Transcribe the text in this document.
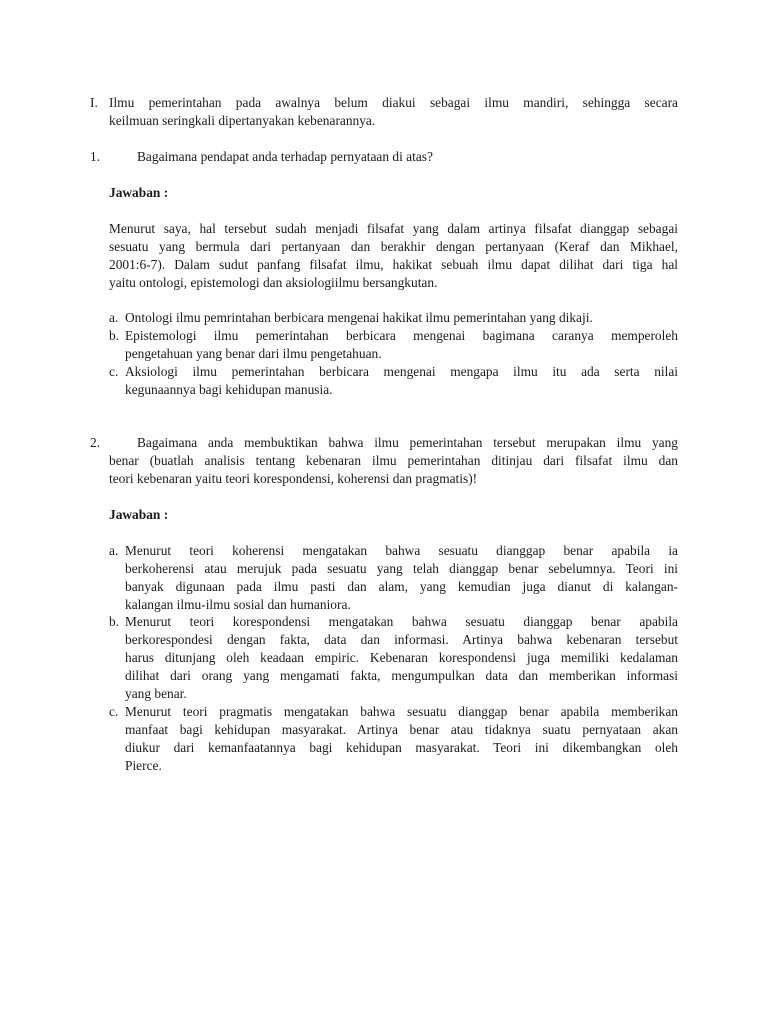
I. Ilmu pemerintahan pada awalnya belum diakui sebagai ilmu mandiri, sehingga secara
keilmuan seringkali dipertanyakan kebenarannya.
1.	Bagaimana pendapat anda terhadap pernyataan di atas?
Jawaban :
Menurut saya, hal tersebut sudah menjadi filsafat yang dalam artinya filsafat dianggap sebagai
sesuatu yang bermula dari pertanyaan dan berakhir dengan pertanyaan (Keraf dan Mikhael,
2001:6-7). Dalam sudut panfang filsafat ilmu, hakikat sebuah ilmu dapat dilihat dari tiga hal
yaitu ontologi, epistemologi dan aksiologiilmu bersangkutan.
a. Ontologi ilmu pemrintahan berbicara mengenai hakikat ilmu pemerintahan yang dikaji.
b. Epistemologi ilmu pemerintahan berbicara mengenai bagimana caranya memperoleh
pengetahuan yang benar dari ilmu pengetahuan.
c. Aksiologi ilmu pemerintahan berbicara mengenai mengapa ilmu itu ada serta nilai
kegunaannya bagi kehidupan manusia.
2.	Bagaimana anda membuktikan bahwa ilmu pemerintahan tersebut merupakan ilmu yang
benar (buatlah analisis tentang kebenaran ilmu pemerintahan ditinjau dari filsafat ilmu dan
teori kebenaran yaitu teori korespondensi, koherensi dan pragmatis)!
Jawaban :
a. Menurut teori koherensi mengatakan bahwa sesuatu dianggap benar apabila ia
berkoherensi atau merujuk pada sesuatu yang telah dianggap benar sebelumnya. Teori ini
banyak digunaan pada ilmu pasti dan alam, yang kemudian juga dianut di kalangan-
kalangan ilmu-ilmu sosial dan humaniora.
b. Menurut teori korespondensi mengatakan bahwa sesuatu dianggap benar apabila
berkorespondesi dengan fakta, data dan informasi. Artinya bahwa kebenaran tersebut
harus ditunjang oleh keadaan empiric. Kebenaran korespondensi juga memiliki kedalaman
dilihat dari orang yang mengamati fakta, mengumpulkan data dan memberikan informasi
yang benar.
c. Menurut teori pragmatis mengatakan bahwa sesuatu dianggap benar apabila memberikan
manfaat bagi kehidupan masyarakat. Artinya benar atau tidaknya suatu pernyataan akan
diukur dari kemanfaatannya bagi kehidupan masyarakat. Teori ini dikembangkan oleh
Pierce.
